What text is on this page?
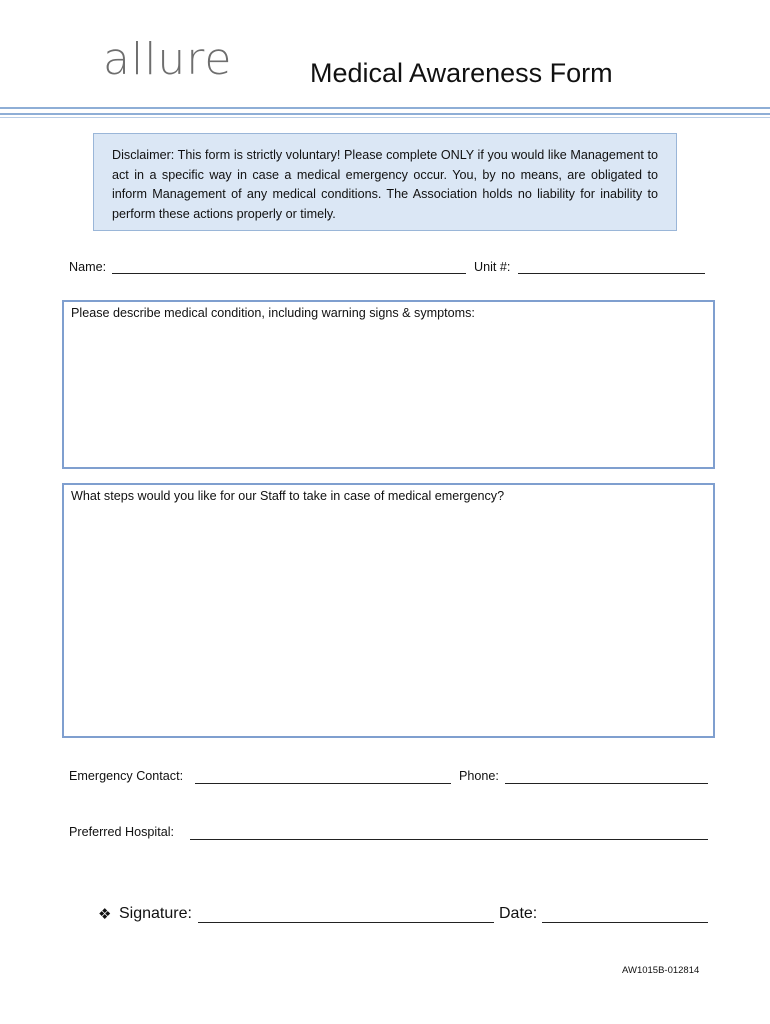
allure	Medical Awareness Form
Disclaimer: This form is strictly voluntary! Please complete ONLY if you would like Management to act in a specific way in case a medical emergency occur. You, by no means, are obligated to inform Management of any medical conditions. The Association holds no liability for inability to perform these actions properly or timely.
Name:	Unit #:
Please describe medical condition, including warning signs & symptoms:
What steps would you like for our Staff to take in case of medical emergency?
Emergency Contact:	Phone:
Preferred Hospital:
❖ Signature:	Date:
AW1015B-012814
